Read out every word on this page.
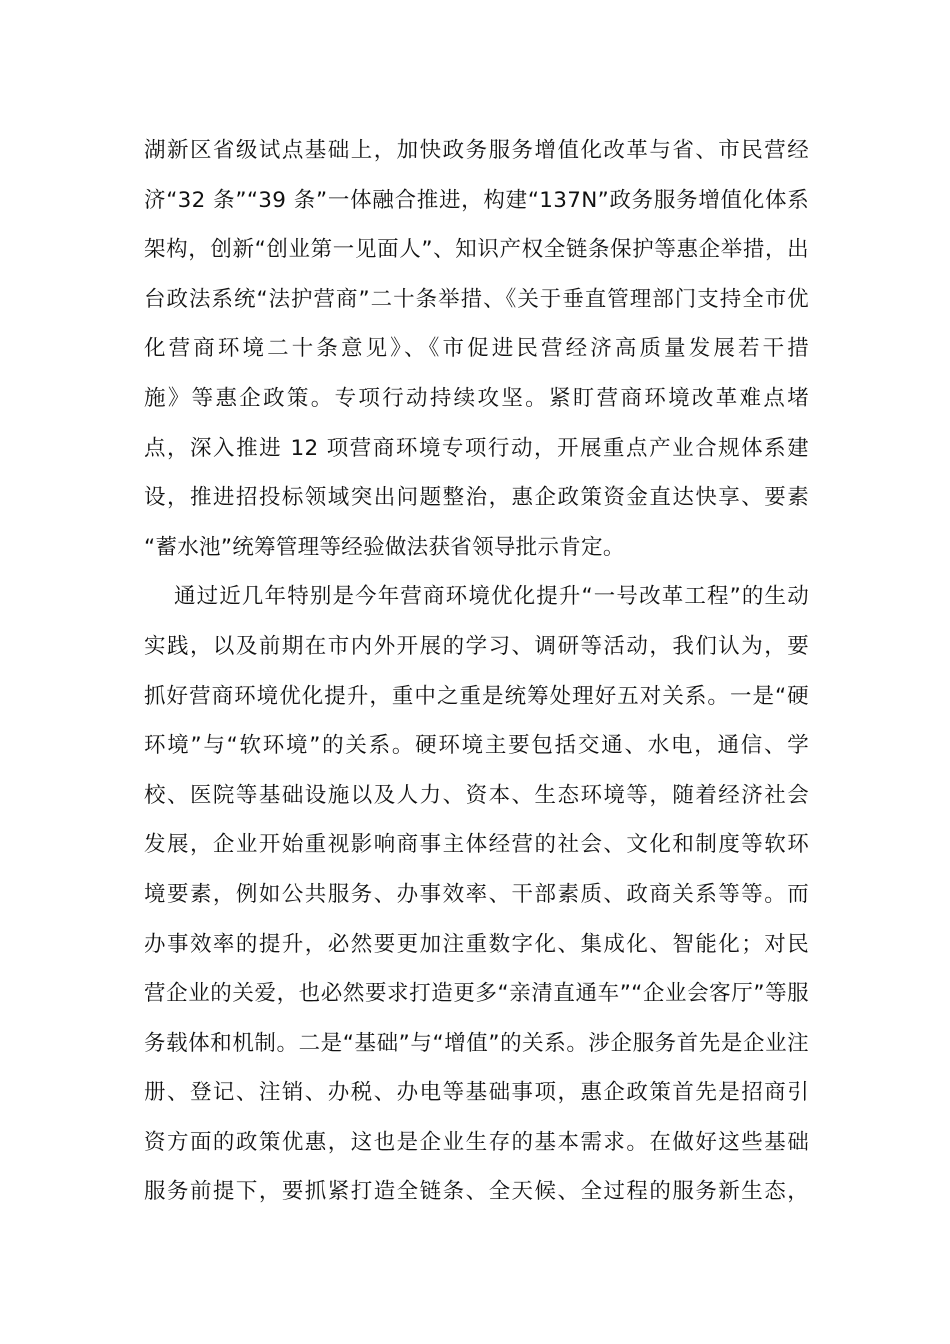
湖新区省级试点基础上，加快政务服务增值化改革与省、市民营经
济“32 条”“39 条”一体融合推进，构建“137N”政务服务增值化体系
架构，创新“创业第一见面人”、知识产权全链条保护等惠企举措，出
台政法系统“法护营商”二十条举措、《关于垂直管理部门支持全市优
化营商环境二十条意见》、《市促进民营经济高质量发展若干措
施》等惠企政策。专项行动持续攻坚。紧盯营商环境改革难点堵
点，深入推进 12 项营商环境专项行动，开展重点产业合规体系建
设，推进招投标领域突出问题整治，惠企政策资金直达快享、要素
“蓄水池”统筹管理等经验做法获省领导批示肯定。
通过近几年特别是今年营商环境优化提升“一号改革工程”的生动
实践，以及前期在市内外开展的学习、调研等活动，我们认为，要
抓好营商环境优化提升，重中之重是统筹处理好五对关系。一是“硬
环境”与“软环境”的关系。硬环境主要包括交通、水电，通信、学
校、医院等基础设施以及人力、资本、生态环境等，随着经济社会
发展，企业开始重视影响商事主体经营的社会、文化和制度等软环
境要素，例如公共服务、办事效率、干部素质、政商关系等等。而
办事效率的提升，必然要更加注重数字化、集成化、智能化；对民
营企业的关爱，也必然要求打造更多“亲清直通车”“企业会客厅”等服
务载体和机制。二是“基础”与“增值”的关系。涉企服务首先是企业注
册、登记、注销、办税、办电等基础事项，惠企政策首先是招商引
资方面的政策优惠，这也是企业生存的基本需求。在做好这些基础
服务前提下，要抓紧打造全链条、全天候、全过程的服务新生态，
